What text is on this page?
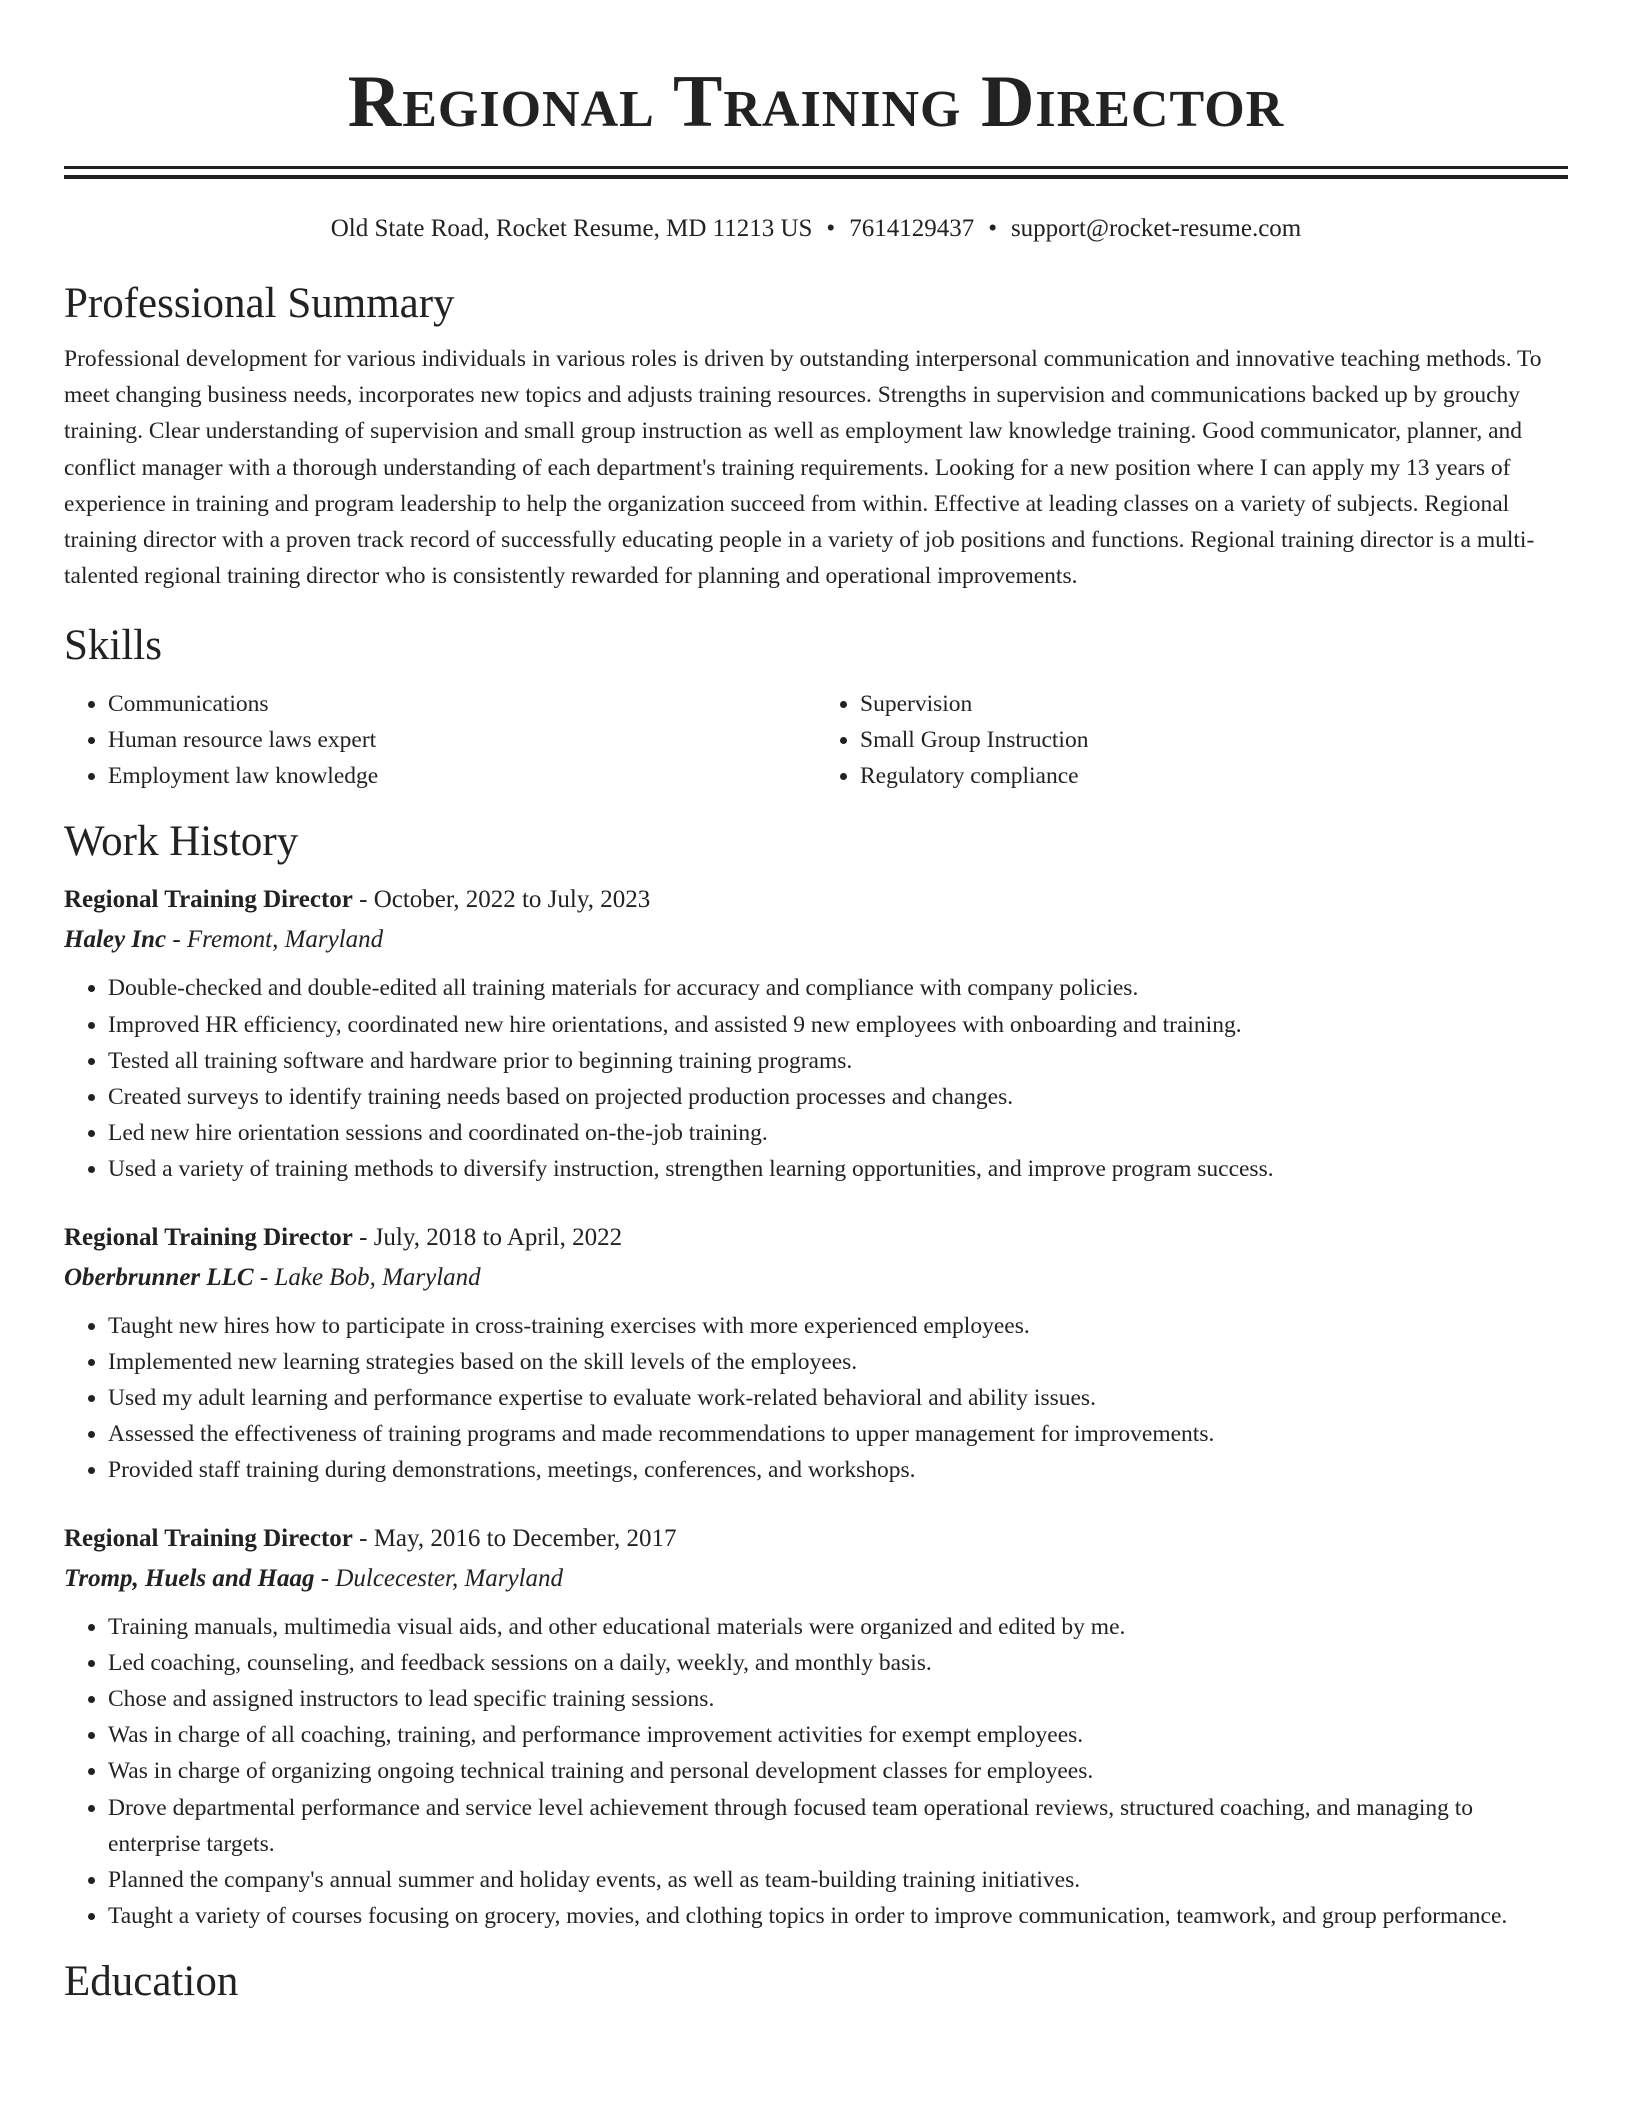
Regional Training Director
Old State Road, Rocket Resume, MD 11213 US • 7614129437 • support@rocket-resume.com
Professional Summary

Professional development for various individuals in various roles is driven by outstanding interpersonal communication and innovative teaching methods. To meet changing business needs, incorporates new topics and adjusts training resources. Strengths in supervision and communications backed up by grouchy training. Clear understanding of supervision and small group instruction as well as employment law knowledge training. Good communicator, planner, and conflict manager with a thorough understanding of each department's training requirements. Looking for a new position where I can apply my 13 years of experience in training and program leadership to help the organization succeed from within. Effective at leading classes on a variety of subjects. Regional training director with a proven track record of successfully educating people in a variety of job positions and functions. Regional training director is a multi-talented regional training director who is consistently rewarded for planning and operational improvements.

Skills
• Communications
• Human resource laws expert
• Employment law knowledge
• Supervision
• Small Group Instruction
• Regulatory compliance
Work History
Regional Training Director - October, 2022 to July, 2023
Haley Inc - Fremont, Maryland
• Double-checked and double-edited all training materials for accuracy and compliance with company policies.
• Improved HR efficiency, coordinated new hire orientations, and assisted 9 new employees with onboarding and training.
• Tested all training software and hardware prior to beginning training programs.
• Created surveys to identify training needs based on projected production processes and changes.
• Led new hire orientation sessions and coordinated on-the-job training.
• Used a variety of training methods to diversify instruction, strengthen learning opportunities, and improve program success.
Regional Training Director - July, 2018 to April, 2022
Oberbrunner LLC - Lake Bob, Maryland
• Taught new hires how to participate in cross-training exercises with more experienced employees.
• Implemented new learning strategies based on the skill levels of the employees.
• Used my adult learning and performance expertise to evaluate work-related behavioral and ability issues.
• Assessed the effectiveness of training programs and made recommendations to upper management for improvements.
• Provided staff training during demonstrations, meetings, conferences, and workshops.
Regional Training Director - May, 2016 to December, 2017
Tromp, Huels and Haag - Dulcecester, Maryland
• Training manuals, multimedia visual aids, and other educational materials were organized and edited by me.
• Led coaching, counseling, and feedback sessions on a daily, weekly, and monthly basis.
• Chose and assigned instructors to lead specific training sessions.
• Was in charge of all coaching, training, and performance improvement activities for exempt employees.
• Was in charge of organizing ongoing technical training and personal development classes for employees.
• Drove departmental performance and service level achievement through focused team operational reviews, structured coaching, and managing to enterprise targets.
• Planned the company's annual summer and holiday events, as well as team-building training initiatives.
• Taught a variety of courses focusing on grocery, movies, and clothing topics in order to improve communication, teamwork, and group performance.
Education
